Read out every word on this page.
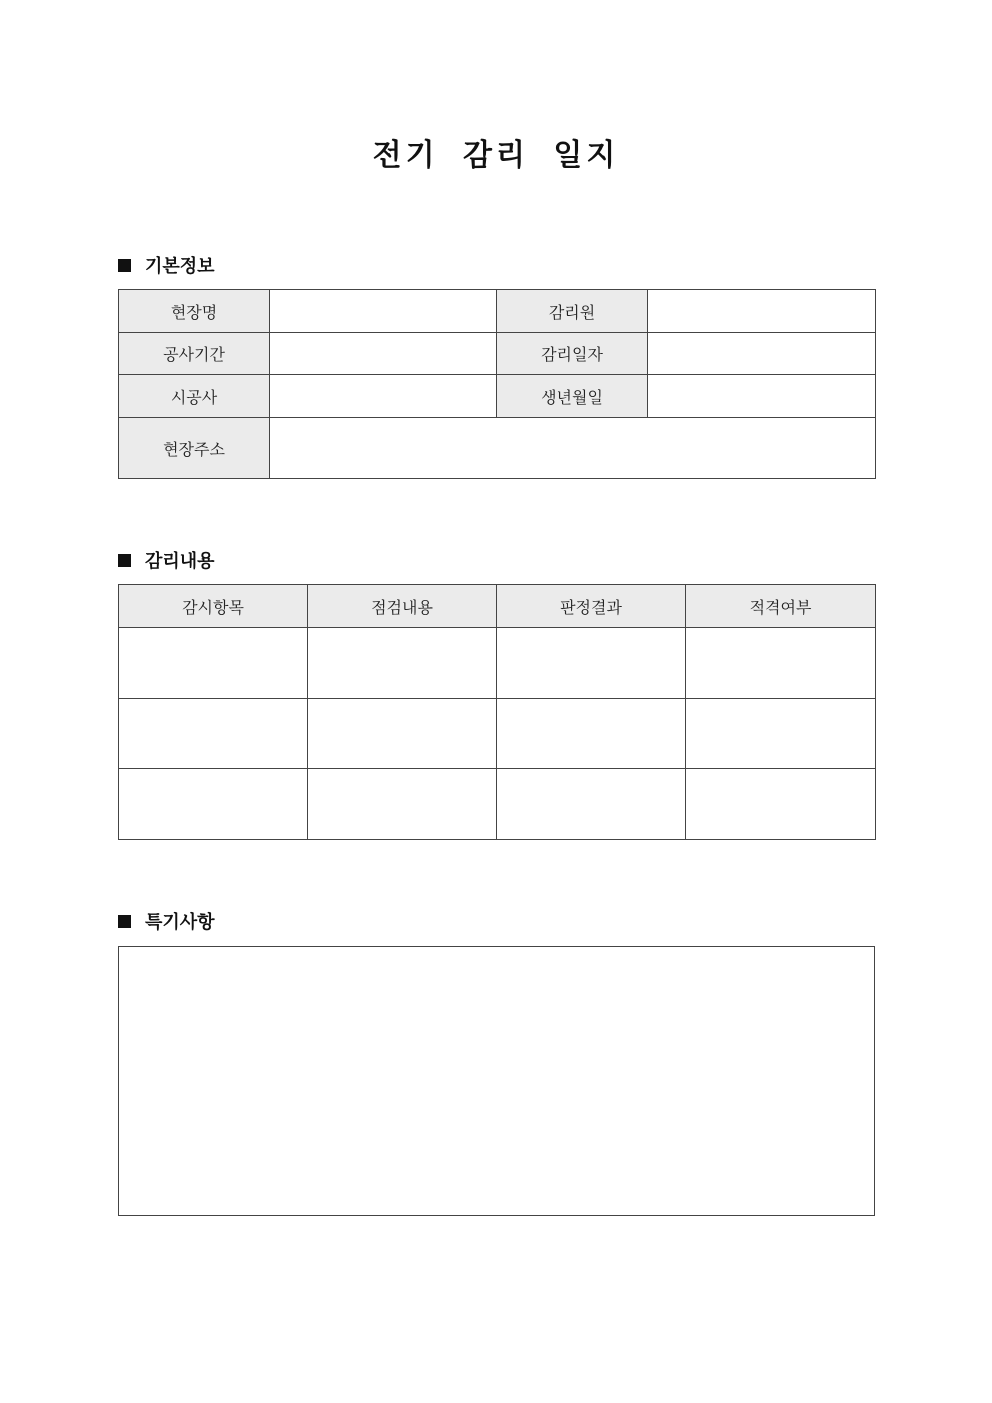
전기 감리 일지
기본정보
현장명		감리원	
공사기간		감리일자	
시공사		생년월일	
현장주소			
감리내용
감시항목	점검내용	판정결과	적격여부

특기사항
